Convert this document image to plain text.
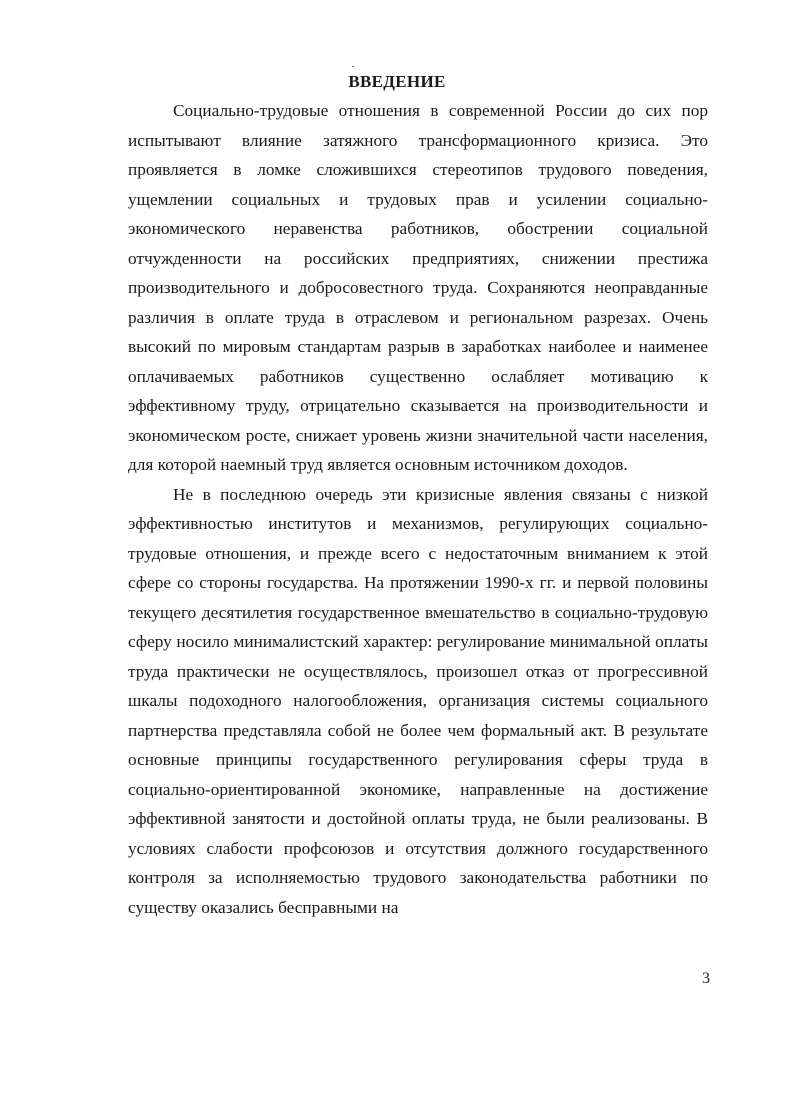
ВВЕДЕНИЕ

Социально-трудовые отношения в современной России до сих пор испытывают влияние затяжного трансформационного кризиса. Это проявляется в ломке сложившихся стереотипов трудового поведения, ущемлении социальных и трудовых прав и усилении социально-экономического неравенства работников, обострении социальной отчужденности на российских предприятиях, снижении престижа производительного и добросовестного труда. Сохраняются неоправданные различия в оплате труда в отраслевом и региональном разрезах. Очень высокий по мировым стандартам разрыв в заработках наиболее и наименее оплачиваемых работников существенно ослабляет мотивацию к эффективному труду, отрицательно сказывается на производительности и экономическом росте, снижает уровень жизни значительной части населения, для которой наемный труд является основным источником доходов.

Не в последнюю очередь эти кризисные явления связаны с низкой эффективностью институтов и механизмов, регулирующих социально-трудовые отношения, и прежде всего с недостаточным вниманием к этой сфере со стороны государства. На протяжении 1990-х гг. и первой половины текущего десятилетия государственное вмешательство в социально-трудовую сферу носило минималистский характер: регулирование минимальной оплаты труда практически не осуществлялось, произошел отказ от прогрессивной шкалы подоходного налогообложения, организация системы социального партнерства представляла собой не более чем формальный акт. В результате основные принципы государственного регулирования сферы труда в социально-ориентированной экономике, направленные на достижение эффективной занятости и достойной оплаты труда, не были реализованы. В условиях слабости профсоюзов и отсутствия должного государственного контроля за исполняемостью трудового законодательства работники по существу оказались бесправными на

3
